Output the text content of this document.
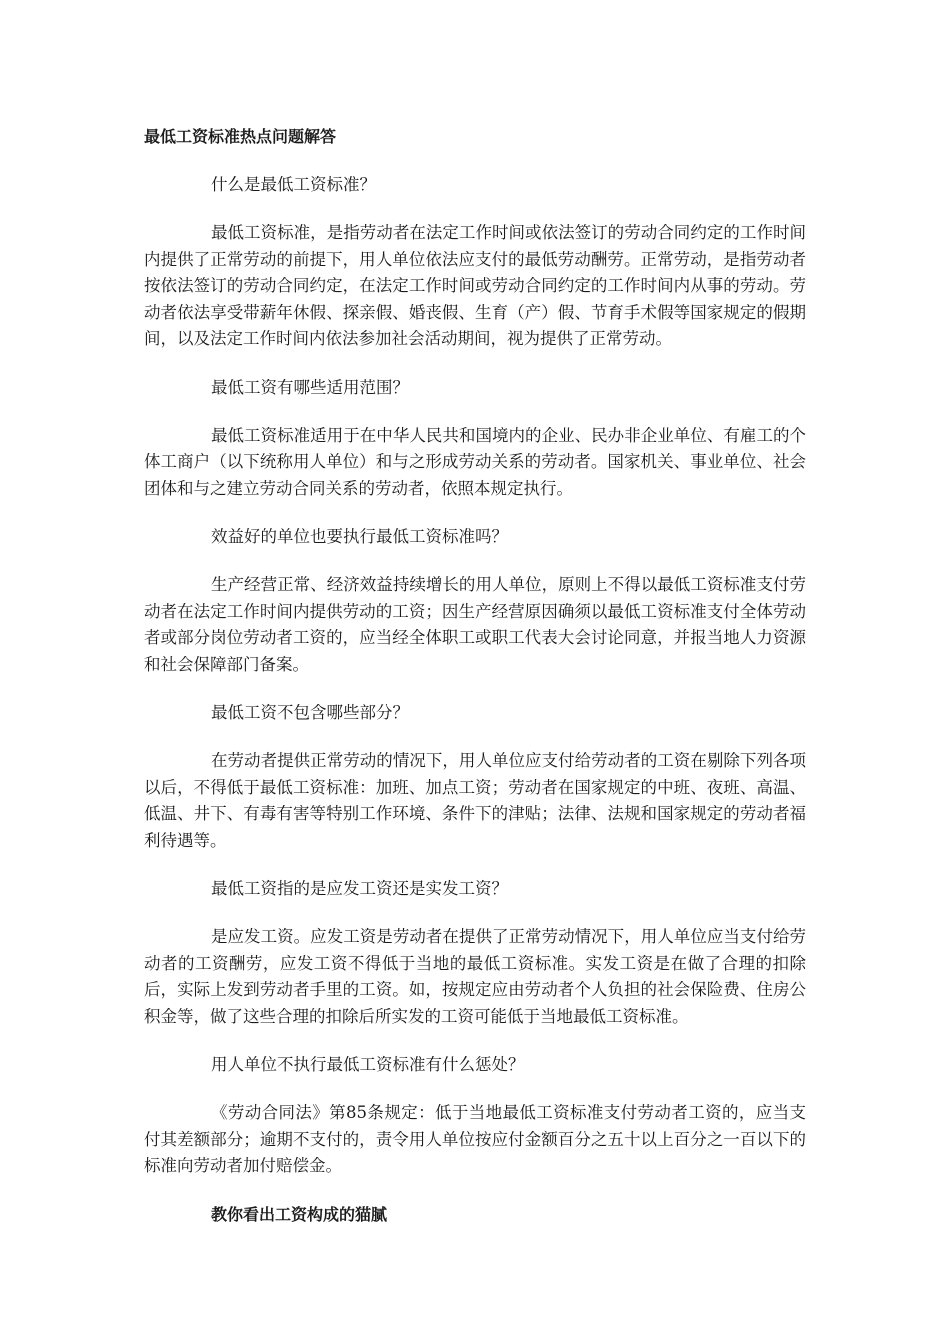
最低工资标准热点问题解答

什么是最低工资标准？

最低工资标准，是指劳动者在法定工作时间或依法签订的劳动合同约定的工作时间内提供了正常劳动的前提下，用人单位依法应支付的最低劳动酬劳。正常劳动，是指劳动者按依法签订的劳动合同约定，在法定工作时间或劳动合同约定的工作时间内从事的劳动。劳动者依法享受带薪年休假、探亲假、婚丧假、生育（产）假、节育手术假等国家规定的假期间，以及法定工作时间内依法参加社会活动期间，视为提供了正常劳动。

最低工资有哪些适用范围？

最低工资标准适用于在中华人民共和国境内的企业、民办非企业单位、有雇工的个体工商户（以下统称用人单位）和与之形成劳动关系的劳动者。国家机关、事业单位、社会团体和与之建立劳动合同关系的劳动者，依照本规定执行。

效益好的单位也要执行最低工资标准吗？

生产经营正常、经济效益持续增长的用人单位，原则上不得以最低工资标准支付劳动者在法定工作时间内提供劳动的工资；因生产经营原因确须以最低工资标准支付全体劳动者或部分岗位劳动者工资的，应当经全体职工或职工代表大会讨论同意，并报当地人力资源和社会保障部门备案。

最低工资不包含哪些部分？

在劳动者提供正常劳动的情况下，用人单位应支付给劳动者的工资在剔除下列各项以后，不得低于最低工资标准：加班、加点工资；劳动者在国家规定的中班、夜班、高温、低温、井下、有毒有害等特别工作环境、条件下的津贴；法律、法规和国家规定的劳动者福利待遇等。

最低工资指的是应发工资还是实发工资？

是应发工资。应发工资是劳动者在提供了正常劳动情况下，用人单位应当支付给劳动者的工资酬劳，应发工资不得低于当地的最低工资标准。实发工资是在做了合理的扣除后，实际上发到劳动者手里的工资。如，按规定应由劳动者个人负担的社会保险费、住房公积金等，做了这些合理的扣除后所实发的工资可能低于当地最低工资标准。

用人单位不执行最低工资标准有什么惩处？

《劳动合同法》第85条规定：低于当地最低工资标准支付劳动者工资的，应当支付其差额部分；逾期不支付的，责令用人单位按应付金额百分之五十以上百分之一百以下的标准向劳动者加付赔偿金。

教你看出工资构成的猫腻
